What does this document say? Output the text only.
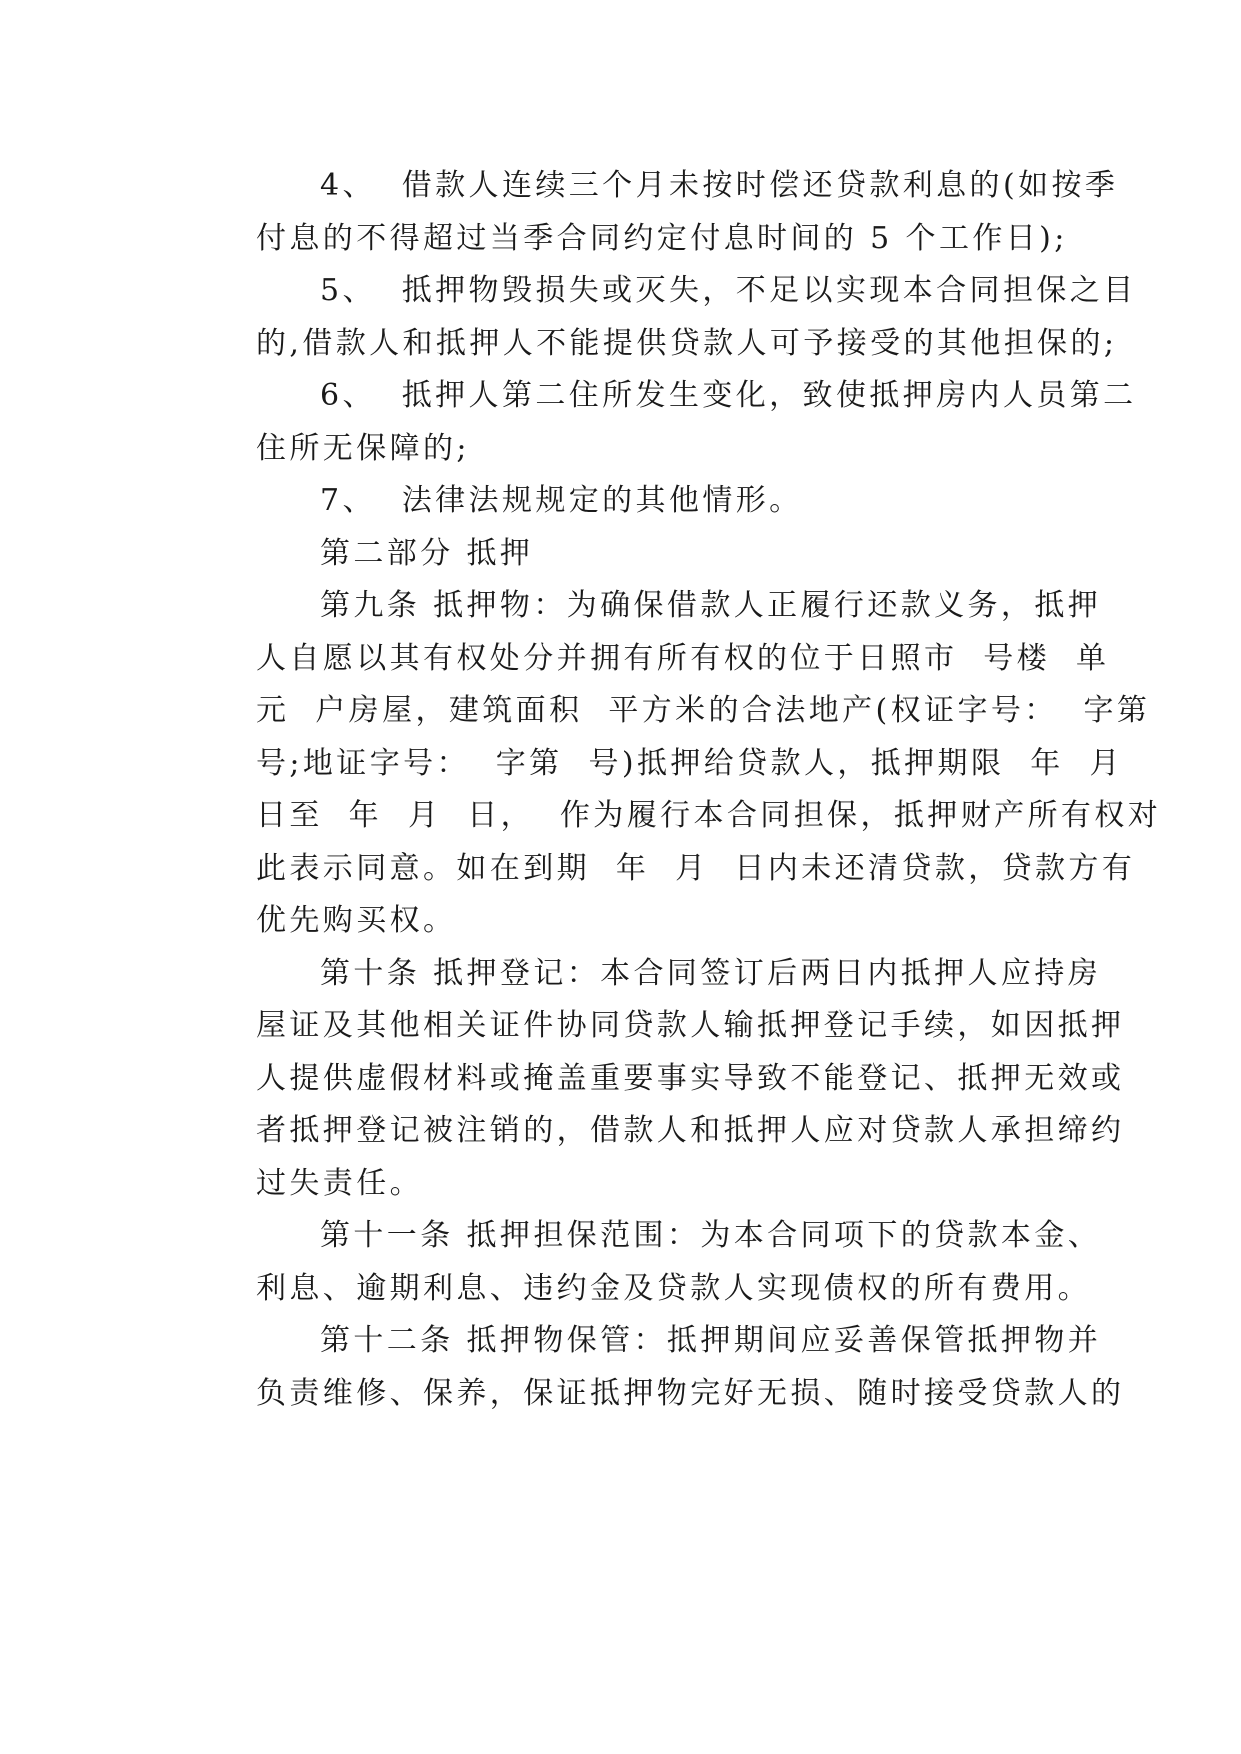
4、  借款人连续三个月未按时偿还贷款利息的(如按季
付息的不得超过当季合同约定付息时间的 5 个工作日);

5、  抵押物毁损失或灭失，不足以实现本合同担保之目
的,借款人和抵押人不能提供贷款人可予接受的其他担保的;

6、  抵押人第二住所发生变化，致使抵押房内人员第二
住所无保障的;

7、  法律法规规定的其他情形。

第二部分 抵押

第九条 抵押物：为确保借款人正履行还款义务，抵押
人自愿以其有权处分并拥有所有权的位于日照市  号楼  单
元  户房屋，建筑面积  平方米的合法地产(权证字号：  字第
号;地证字号：  字第  号)抵押给贷款人，抵押期限  年  月
日至  年  月  日，  作为履行本合同担保，抵押财产所有权对
此表示同意。如在到期  年  月  日内未还清贷款，贷款方有
优先购买权。

第十条 抵押登记：本合同签订后两日内抵押人应持房
屋证及其他相关证件协同贷款人输抵押登记手续，如因抵押
人提供虚假材料或掩盖重要事实导致不能登记、抵押无效或
者抵押登记被注销的，借款人和抵押人应对贷款人承担缔约
过失责任。

第十一条 抵押担保范围：为本合同项下的贷款本金、
利息、逾期利息、违约金及贷款人实现债权的所有费用。

第十二条 抵押物保管：抵押期间应妥善保管抵押物并
负责维修、保养，保证抵押物完好无损、随时接受贷款人的
